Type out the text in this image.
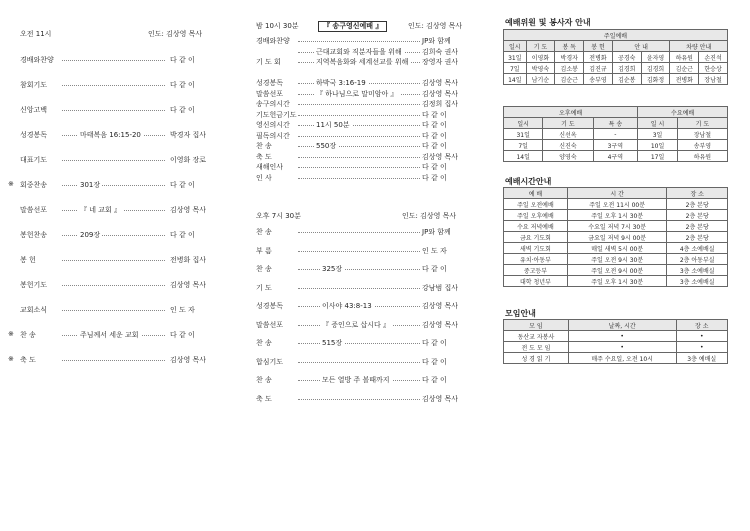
오전 11시	인도: 김상영 목사
경배와찬양	다 같 이
참회기도	다 같 이
신앙고백	다 같 이
성경봉독	박경자 집사
마태복음 16:15-20
대표기도	이영화 장로
※ 회중찬송	다 같 이
301장
말씀선포	김상영 목사
『 네 교회 』
봉헌찬송	다 같 이
209장
봉 헌	전병화 집사
봉헌기도	김상영 목사
교회소식	인 도 자
※ 찬 송	다 같 이
주님께서 세운 교회
※ 축 도	김상영 목사
밤 10시 30분	『 송구영신예배 』	인도: 김상영 목사
경배와찬양	JP와 함께
김희숙 권사
근대교회와 직분자들을 위해
기 도 회	장영자 권사
지역복음화와 세계선교를 위해
성경봉독	김상영 목사
하박국 3:16-19
말씀선포	김상영 목사
『 하나님으로 말미암아 』
송구의시간	김정희 집사
기도헌금기도	다 같 이
영신의시간	다 같 이
11시 50분
필독의시간	다 같 이
찬 송	다 같 이
550장
축 도	김상영 목사
새해인사	다 같 이
인 사	다 같 이
오후 7시 30분	인도: 김상영 목사
찬 송	JP와 함께
부 름	인 도 자
찬 송	다 같 이
325장
기 도	강남범 집사
성경봉독	김상영 목사
이사야 43:8-13
말씀선포	김상영 목사
『 증인으로 삽시다 』
찬 송	다 같 이
515장
합심기도	다 같 이
찬 송	다 같 이
모든 열방 주 볼때까지
축 도	김상영 목사
예배위원 및 봉사자 안내
주일예배							
일시	기 도	봉 독	봉 헌	안 내		차량 안내	
31일	이영화	박경자	전병화	공경숙	윤자영	하유원	손진석
7일	박영숙	김소봉	김진규	김경희	김경희	김순근	한승상
14일	남기순	김순근	송부영	김순봉	김화정	전병화	장남철
오후예배			수요예배	
일시	기 도	특 송	일 시	기 도
31일	신선옥	-	3일	장남철
7일	신진숙	3구역	10일	송부영
14일	양영숙	4구역	17일	하유원
예배시간안내
예 배	시 간	장 소
주일 오전예배	주일 오전 11시 00분	2층 본당
주일 오후예배	주일 오후 1시 30분	2층 본당
수요 저녁예배	수요일 저녁 7시 30분	2층 본당
금요 기도회	금요일 저녁 9시 00분	2층 본당
새벽 기도회	매일 새벽 5시 00분	4층 소예배실
유치·아동부	주일 오전 9시 30분	2층 아동부실
중고등부	주일 오전 9시 00분	3층 소예배실
대학 청년부	주일 오후 1시 30분	3층 소예배실
모임안내
모 임	날짜, 시간	장 소
동산교 자봉사	•	•
전 도 모 임	•	•
성 경 읽 기	매주 수요일, 오전 10시	3층 예배실
